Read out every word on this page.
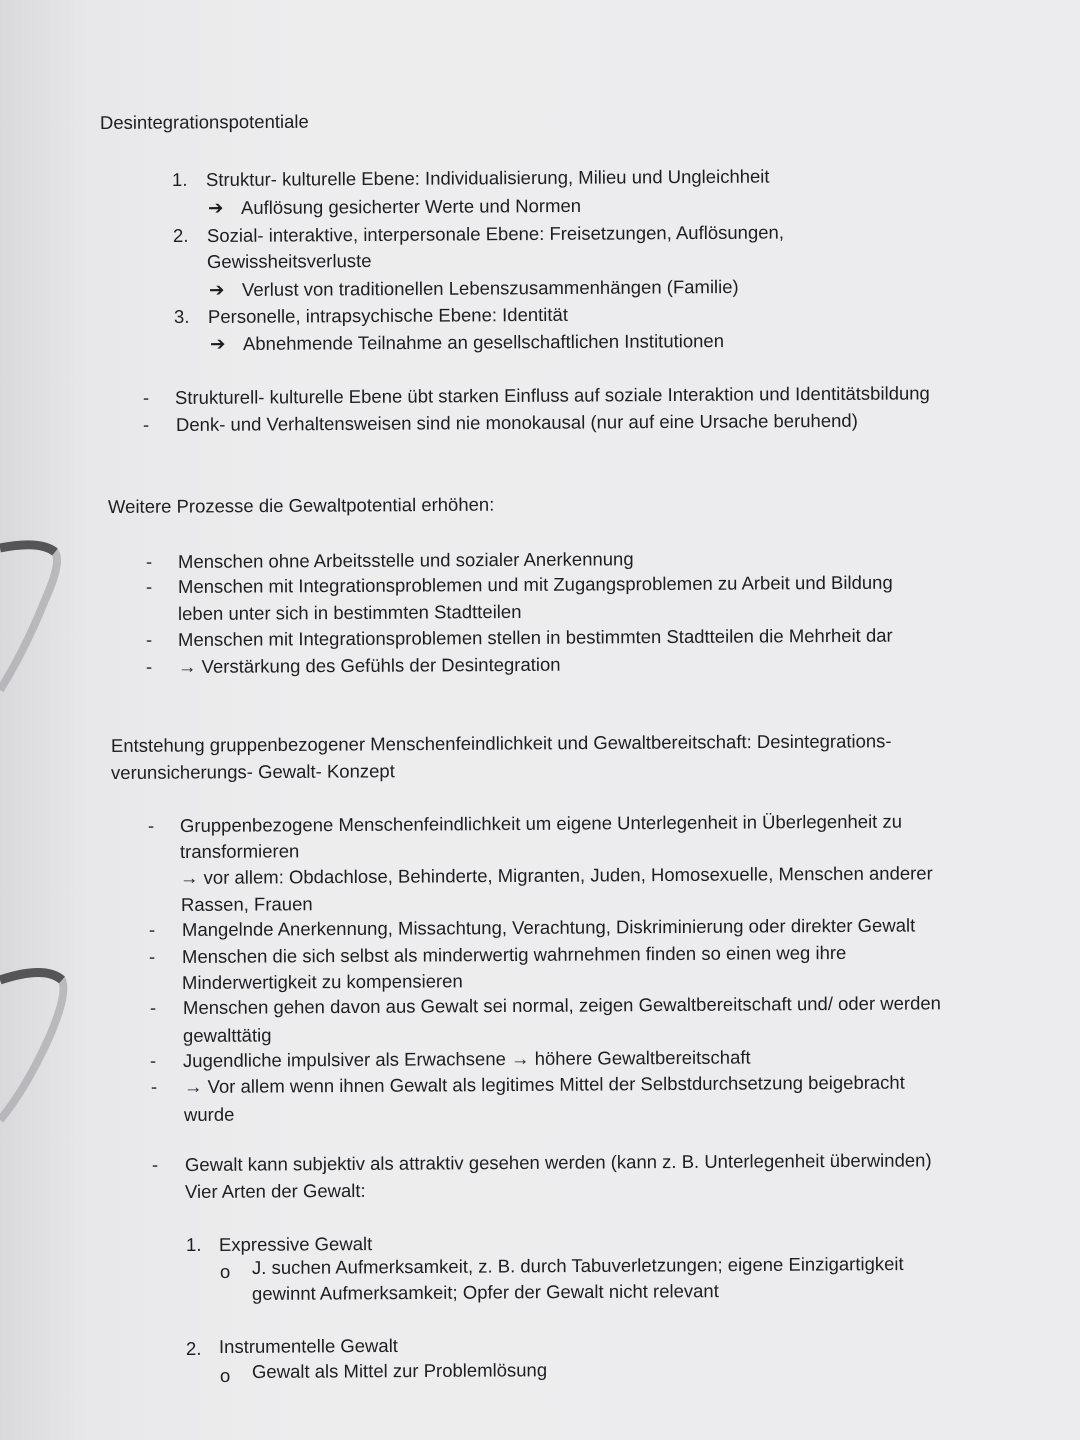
Desintegrationspotentiale
1. Struktur- kulturelle Ebene: Individualisierung, Milieu und Ungleichheit
➔ Auflösung gesicherter Werte und Normen
2. Sozial- interaktive, interpersonale Ebene: Freisetzungen, Auflösungen,
Gewissheitsverluste
➔ Verlust von traditionellen Lebenszusammenhängen (Familie)
3. Personelle, intrapsychische Ebene: Identität
➔ Abnehmende Teilnahme an gesellschaftlichen Institutionen
- Strukturell- kulturelle Ebene übt starken Einfluss auf soziale Interaktion und Identitätsbildung
- Denk- und Verhaltensweisen sind nie monokausal (nur auf eine Ursache beruhend)
Weitere Prozesse die Gewaltpotential erhöhen:
- Menschen ohne Arbeitsstelle und sozialer Anerkennung
- Menschen mit Integrationsproblemen und mit Zugangsproblemen zu Arbeit und Bildung
leben unter sich in bestimmten Stadtteilen
- Menschen mit Integrationsproblemen stellen in bestimmten Stadtteilen die Mehrheit dar
- → Verstärkung des Gefühls der Desintegration
Entstehung gruppenbezogener Menschenfeindlichkeit und Gewaltbereitschaft: Desintegrations-
verunsicherungs- Gewalt- Konzept
- Gruppenbezogene Menschenfeindlichkeit um eigene Unterlegenheit in Überlegenheit zu
transformieren
→ vor allem: Obdachlose, Behinderte, Migranten, Juden, Homosexuelle, Menschen anderer
Rassen, Frauen
- Mangelnde Anerkennung, Missachtung, Verachtung, Diskriminierung oder direkter Gewalt
- Menschen die sich selbst als minderwertig wahrnehmen finden so einen weg ihre
Minderwertigkeit zu kompensieren
- Menschen gehen davon aus Gewalt sei normal, zeigen Gewaltbereitschaft und/ oder werden
gewalttätig
- Jugendliche impulsiver als Erwachsene → höhere Gewaltbereitschaft
- → Vor allem wenn ihnen Gewalt als legitimes Mittel der Selbstdurchsetzung beigebracht
wurde
- Gewalt kann subjektiv als attraktiv gesehen werden (kann z. B. Unterlegenheit überwinden)
Vier Arten der Gewalt:
1. Expressive Gewalt
o J. suchen Aufmerksamkeit, z. B. durch Tabuverletzungen; eigene Einzigartigkeit
gewinnt Aufmerksamkeit; Opfer der Gewalt nicht relevant
2. Instrumentelle Gewalt
o Gewalt als Mittel zur Problemlösung
